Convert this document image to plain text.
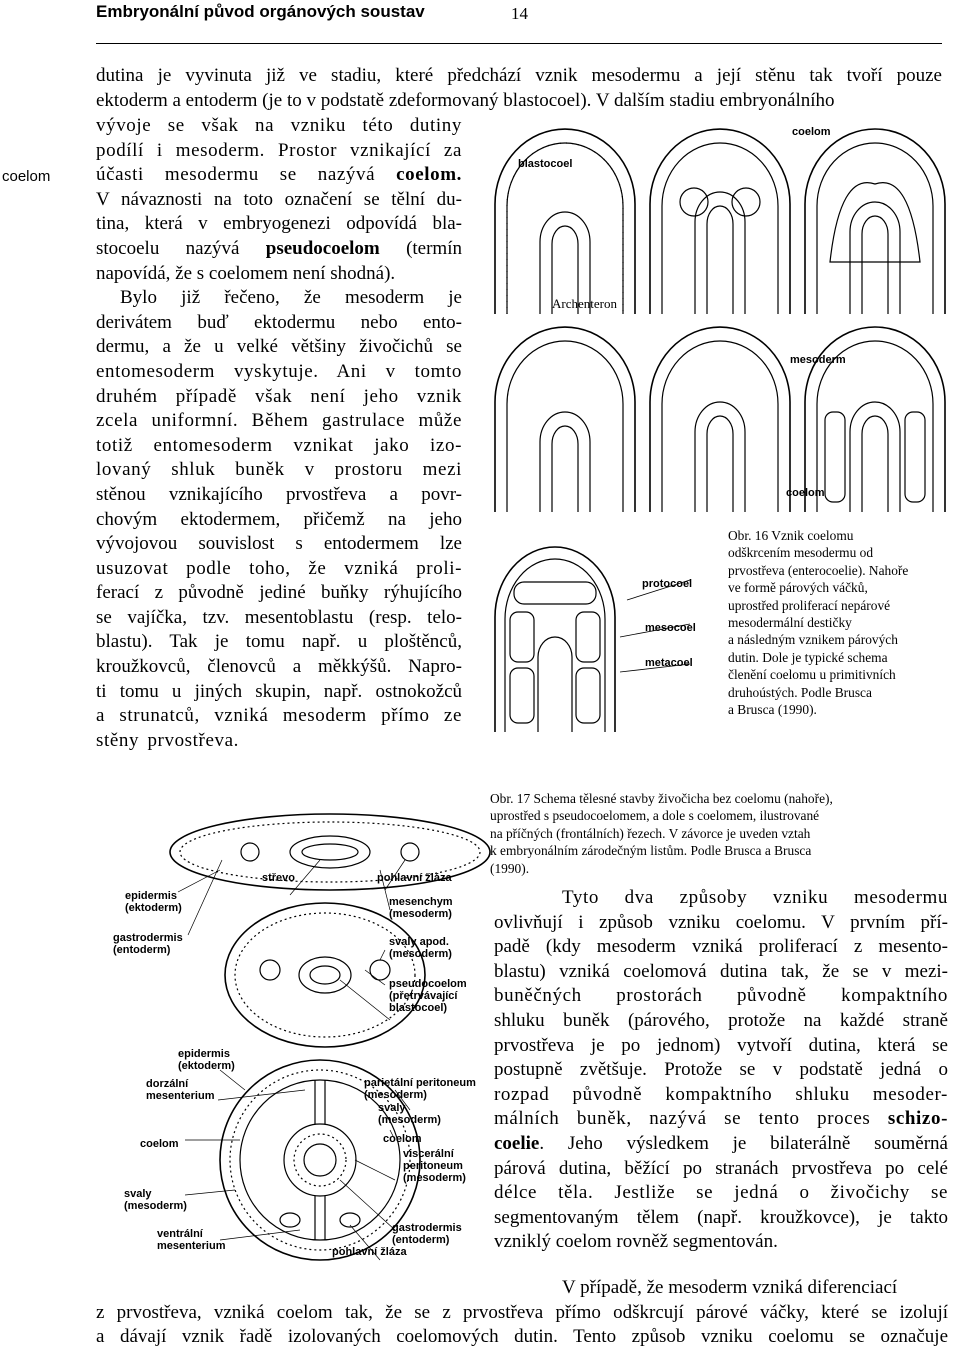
Embryonální původ orgánových soustav	14
coelom

dutina je vyvinuta již ve stadiu, které předchází vznik mesodermu a její stěnu tak tvoří pouze

ektoderm a entoderm (je to v podstatě zdeformovaný blastocoel). V dalším stadiu embryonálního

vývoje se však na vzniku této dutiny

podílí i mesoderm. Prostor vznikající za

účasti mesodermu se nazývá coelom.

V návaznosti na toto označení se tělní du-

tina, která v embryogenezi odpovídá bla-

stocoelu nazývá pseudocoelom (termín

napovídá, že s coelomem není shodná).

Bylo již řečeno, že mesoderm je

derivátem buď ektodermu nebo ento-

dermu, a že u velké většiny živočichů se

entomesoderm vyskytuje. Ani v tomto

druhém případě však není jeho vznik

zcela uniformní. Během gastrulace může

totiž entomesoderm vznikat jako izo-

lovaný shluk buněk v prostoru mezi

stěnou vznikajícího prvostřeva a povr-

chovým ektodermem, přičemž na jeho

vývojovou souvislost s entodermem lze

usuzovat podle toho, že vzniká proli-

ferací z původně jediné buňky rýhujícího

se vajíčka, tzv. mesentoblastu (resp. telo-

blastu). Tak je tomu např. u ploštěnců,

kroužkovců, členovců a měkkýšů. Napro-

ti tomu u jiných skupin, např. ostnokožců

a strunatců, vzniká mesoderm přímo ze

stěny prvostřeva.

coelom
blastocoel
Archenteron
mesoderm
coelom
protocoel
mesocoel
metacoel

Obr. 16 Vznik coelomu

odškrcením mesodermu od

prvostřeva (enterocoelie). Nahoře

ve formě párových váčků,

uprostřed proliferací nepárové

mesodermální destičky

a následným vznikem párových

dutin. Dole je typické schema

členění coelomu u primitivních

druhoústých. Podle Brusca

a Brusca (1990).

střevo	pohlavní žláza
epidermis
(ektoderm)	mesenchym
(mesoderm)
gastrodermis
(entoderm)
svaly apod.
(mesoderm)
pseudocoelom
(přetrvávající
blastocoel)
epidermis
(ektoderm)
dorzální
mesenterium
parietální peritoneum
(mesoderm)
svaly
(mesoderm)
coelom
coelom
viscerální
peritoneum
(mesoderm)
svaly
(mesoderm)
gastrodermis
(entoderm)
ventrální
mesenterium	pohlavní žláza

Obr. 17 Schema tělesné stavby živočicha bez coelomu (nahoře),

uprostřed s pseudocoelomem, a dole s coelomem, ilustrované

na příčných (frontálních) řezech. V závorce je uveden vztah

k embryonálním zárodečným listům. Podle Brusca a Brusca

(1990).

Tyto dva způsoby vzniku mesodermu

ovlivňují i způsob vzniku coelomu. V prvním pří-

padě (kdy mesoderm vzniká proliferací z mesento-

blastu) vzniká coelomová dutina tak, že se v mezi-

buněčných prostorách původně kompaktního

shluku buněk (párového, protože na každé straně

prvostřeva je po jednom) vytvoří dutina, která se

postupně zvětšuje. Protože se v podstatě jedná o

rozpad původně kompaktního shluku mesoder-

málních buněk, nazývá se tento proces schizo-

coelie. Jeho výsledkem je bilaterálně souměrná

párová dutina, běžící po stranách prvostřeva po celé

délce těla. Jestliže se jedná o živočichy se

segmentovaným tělem (např. kroužkovce), je takto

vzniklý coelom rovněž segmentován.

V případě, že mesoderm vzniká diferenciací

z prvostřeva, vzniká coelom tak, že se z prvostřeva přímo odškrcují párové váčky, které se izolují

a dávají vznik řadě izolovaných coelomových dutin. Tento způsob vzniku coelomu se označuje
